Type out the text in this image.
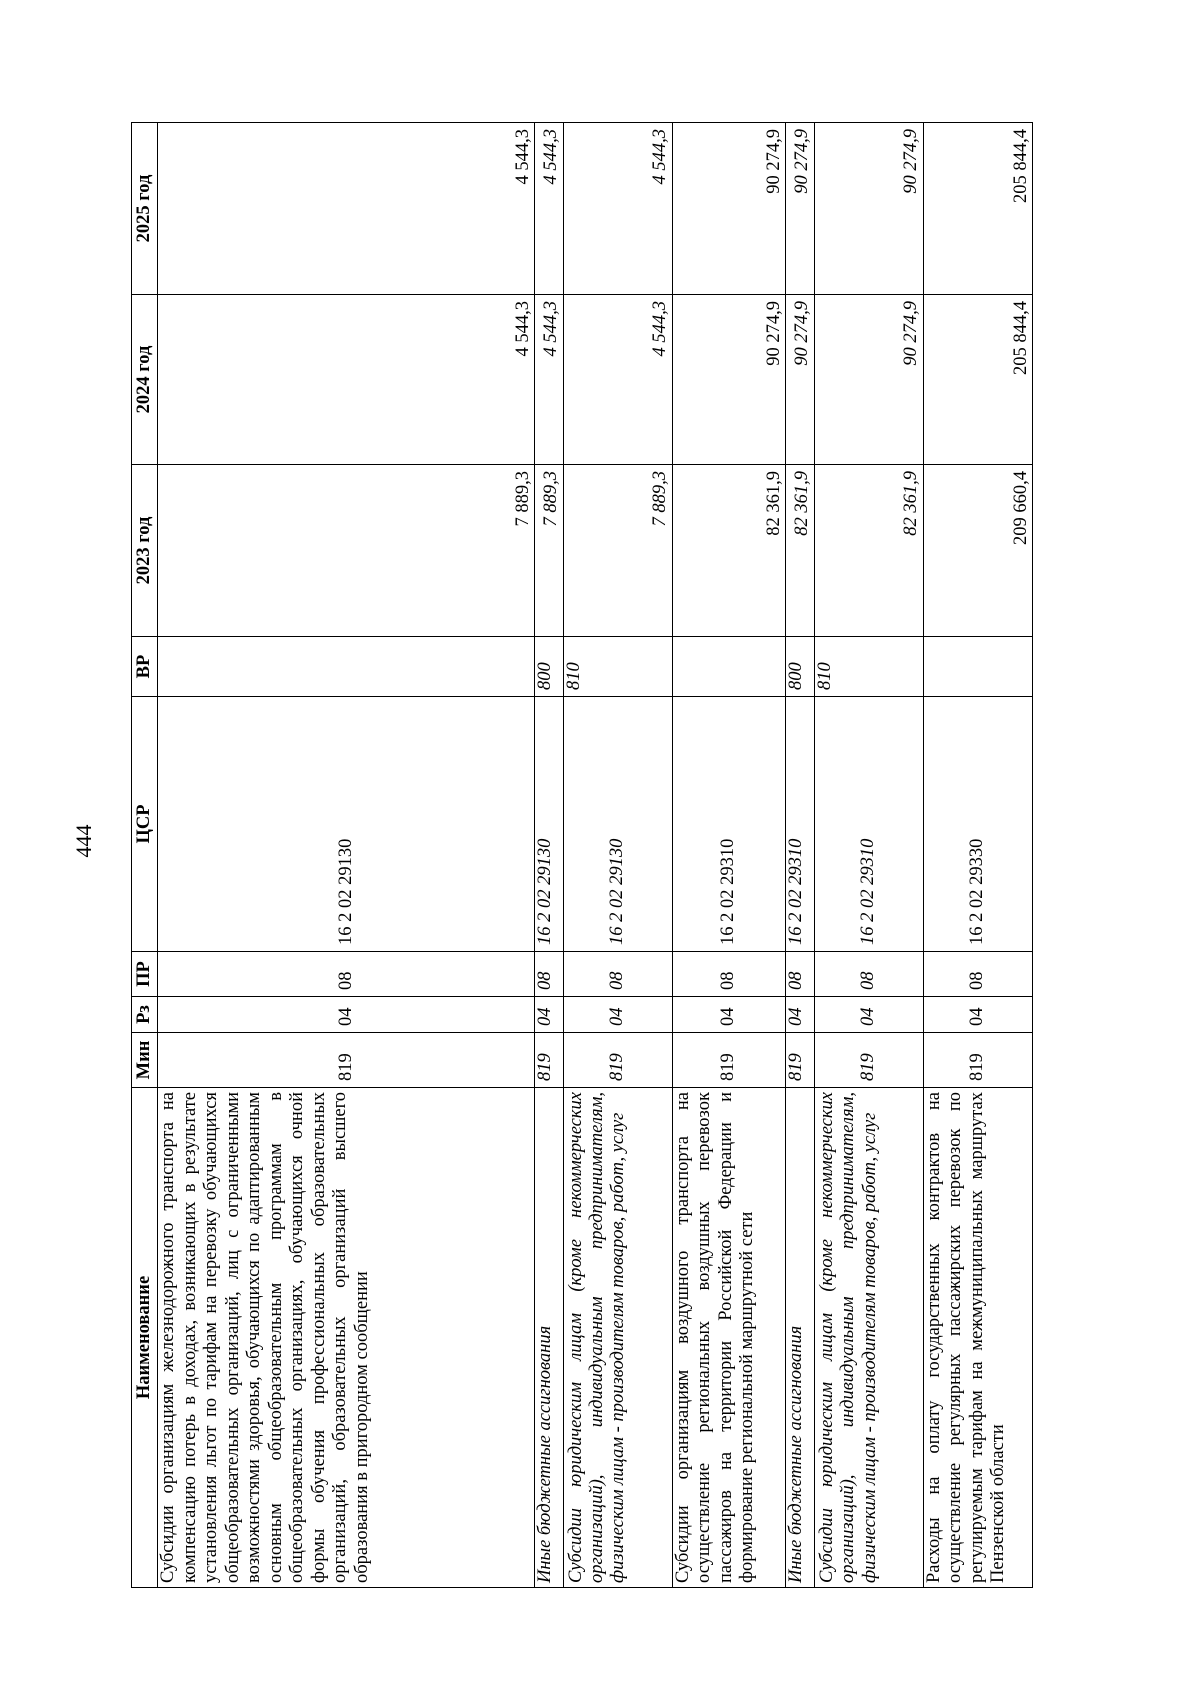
444
Наименование	Мин	Рз	ПР	ЦСР	ВР	2023 год	2024 год	2025 год
Субсидии организациям железнодорожного транспорта на компенсацию потерь в доходах, возникающих в результате установления льгот по тарифам на перевозку обучающихся общеобразовательных организаций, лиц с ограниченными возможностями здоровья, обучающихся по адаптированным основным общеобразовательным программам в общеобразовательных организациях, обучающихся очной формы обучения профессиональных образовательных организаций, образовательных организаций высшего образования в пригородном сообщении	819	04	08	16 2 02 29130		7 889,3	4 544,3	4 544,3
Иные бюджетные ассигнования	819	04	08	16 2 02 29130	800	7 889,3	4 544,3	4 544,3
Субсидии юридическим лицам (кроме некоммерческих организаций), индивидуальным предпринимателям, физическим лицам - производителям товаров, работ, услуг	819	04	08	16 2 02 29130	810	7 889,3	4 544,3	4 544,3
Субсидии организациям воздушного транспорта на осуществление региональных воздушных перевозок пассажиров на территории Российской Федерации и формирование региональной маршрутной сети	819	04	08	16 2 02 29310		82 361,9	90 274,9	90 274,9
Иные бюджетные ассигнования	819	04	08	16 2 02 29310	800	82 361,9	90 274,9	90 274,9
Субсидии юридическим лицам (кроме некоммерческих организаций), индивидуальным предпринимателям, физическим лицам - производителям товаров, работ, услуг	819	04	08	16 2 02 29310	810	82 361,9	90 274,9	90 274,9
Расходы на оплату государственных контрактов на осуществление регулярных пассажирских перевозок по регулируемым тарифам на межмуниципальных маршрутах Пензенской области	819	04	08	16 2 02 29330		209 660,4	205 844,4	205 844,4
